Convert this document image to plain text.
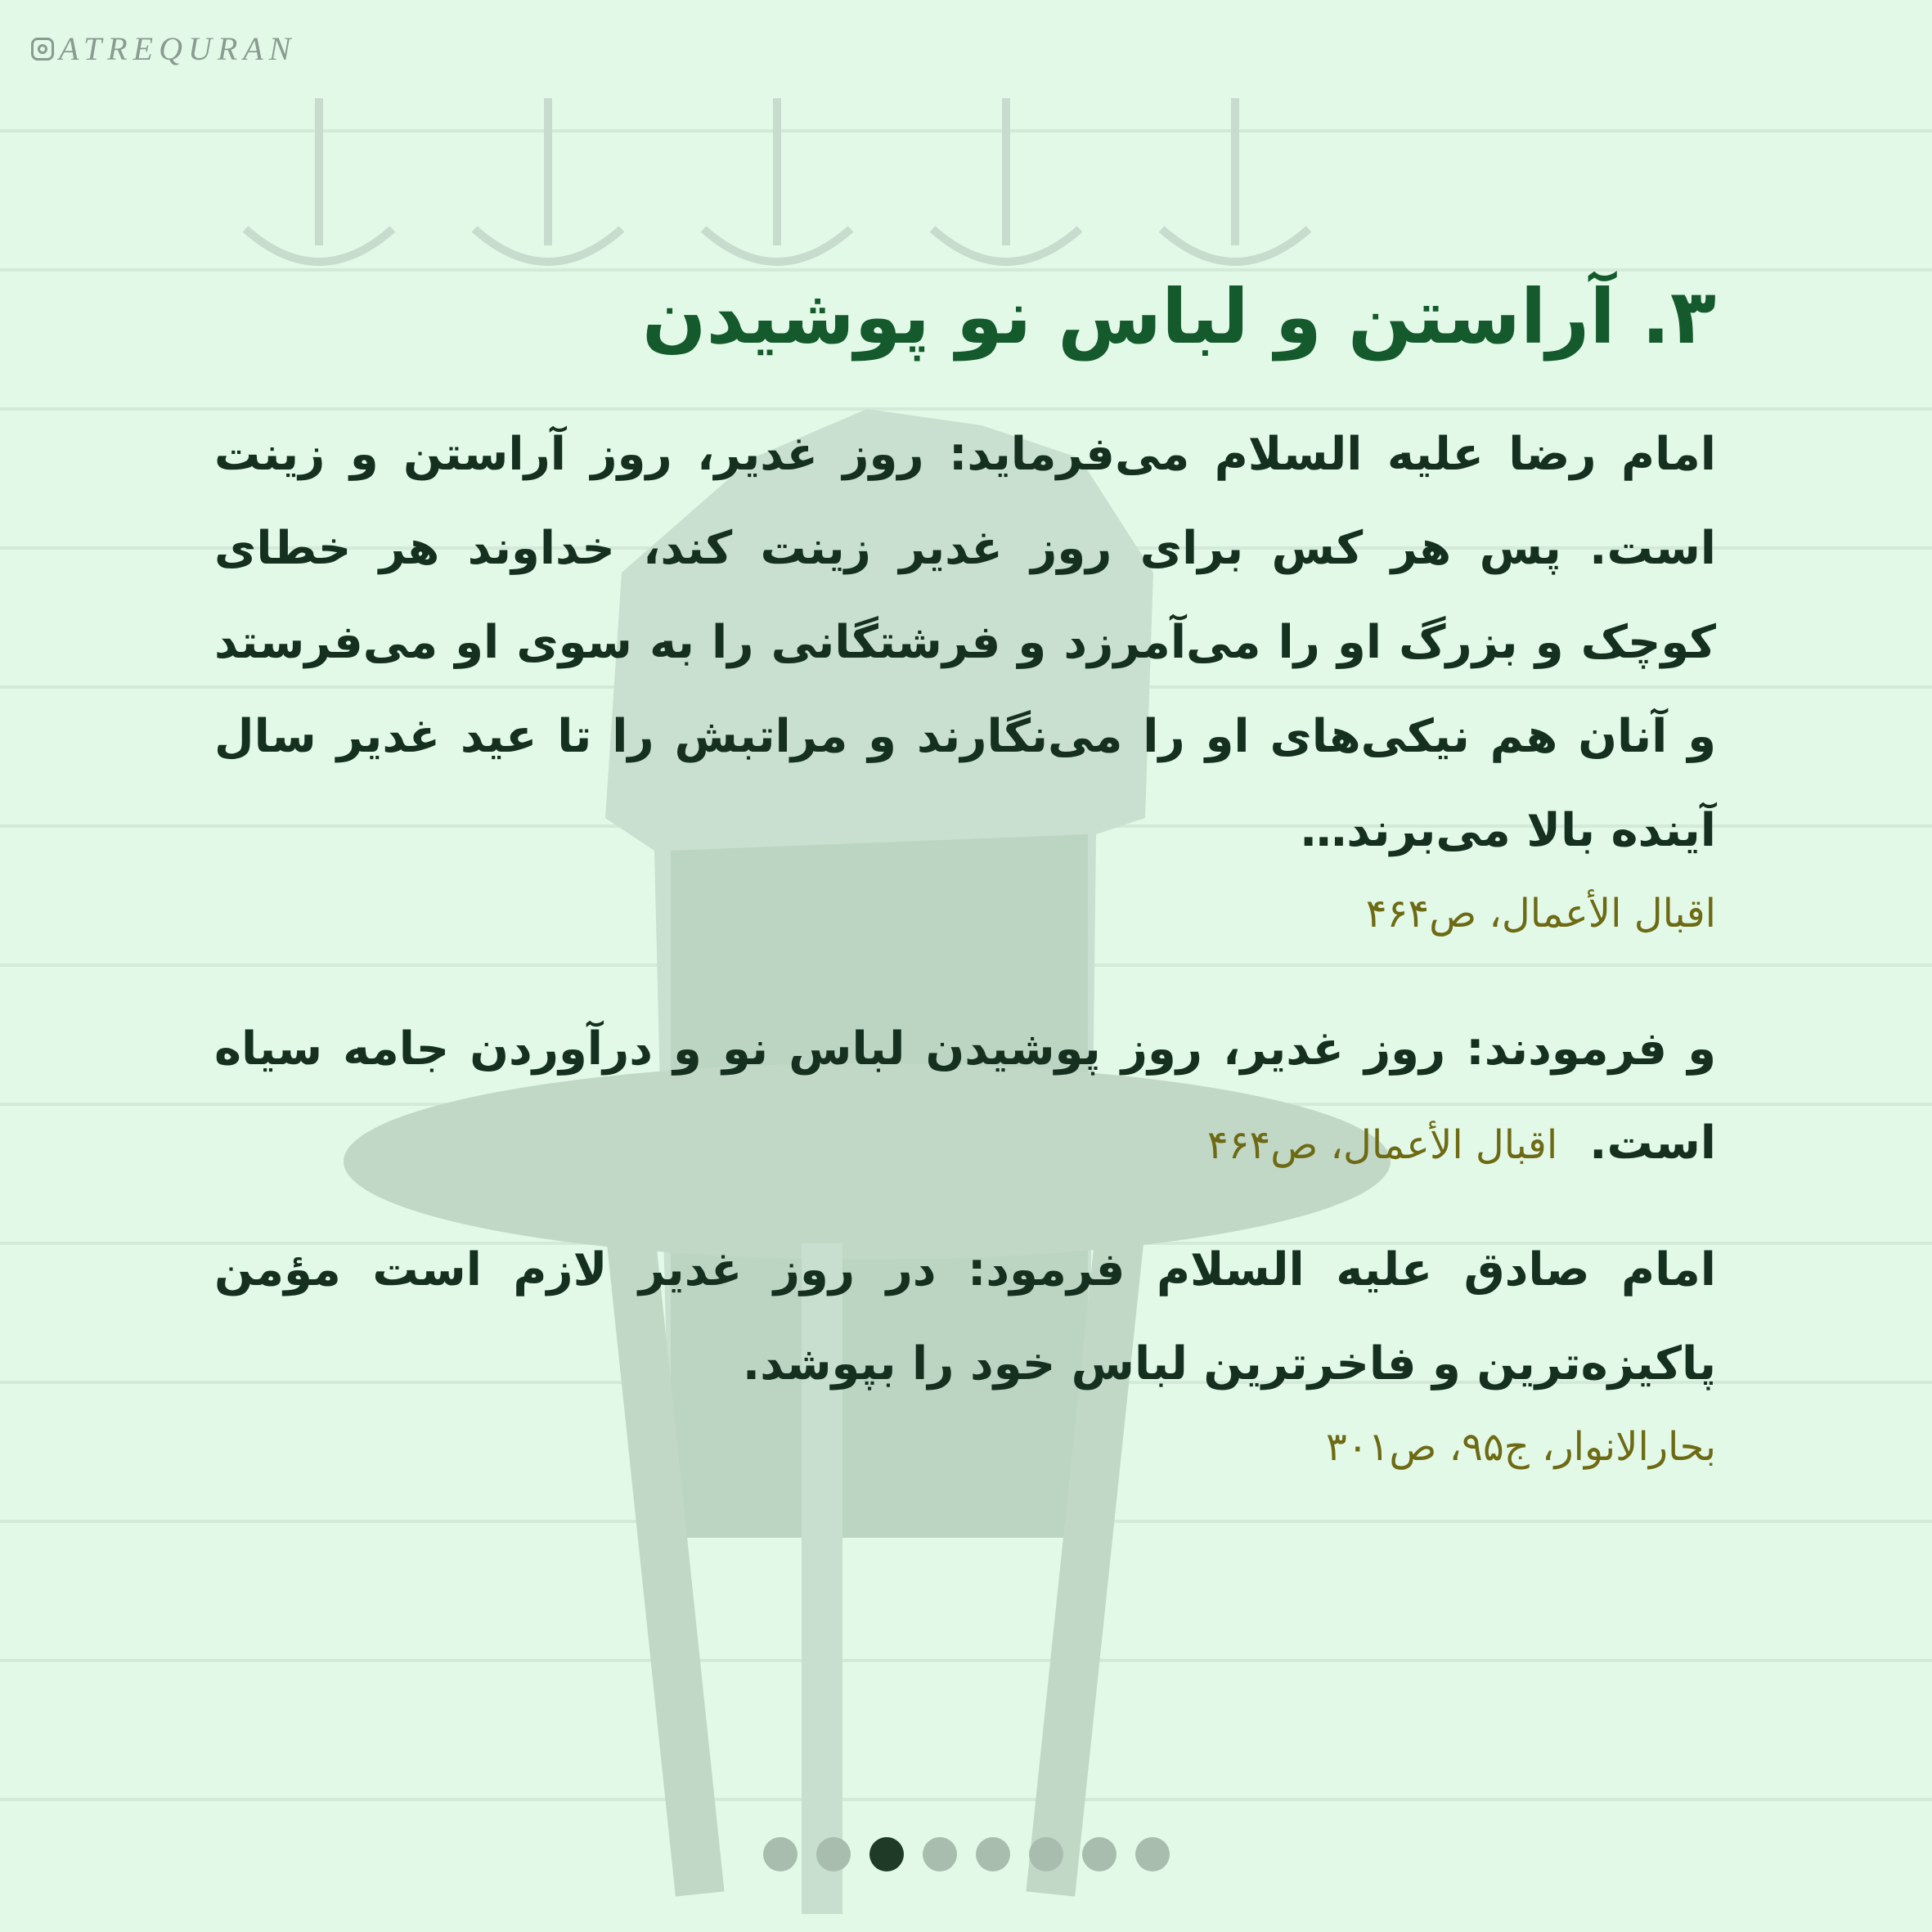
ATREQURAN
۳. آراستن و لباس نو پوشیدن

امام رضا علیه السلام می‌فرماید: روز غدیر، روز آراستن و زینت است. پس هر کس برای روز غدیر زینت کند، خداوند هر خطای کوچک و بزرگ او را می‌آمرزد و فرشتگانی را به سوی او می‌فرستد و آنان هم نیکی‌های او را می‌نگارند و مراتبش را تا عید غدیر سال آینده بالا می‌برند…

اقبال الأعمال، ص۴۶۴

و فرمودند: روز غدیر، روز پوشیدن لباس نو و درآوردن جامه سیاه است.  اقبال الأعمال، ص۴۶۴

امام صادق علیه السلام فرمود: در روز غدیر لازم است مؤمن پاکیزه‌ترین و فاخرترین لباس خود را بپوشد.

بحارالانوار، ج۹۵، ص۳۰۱
